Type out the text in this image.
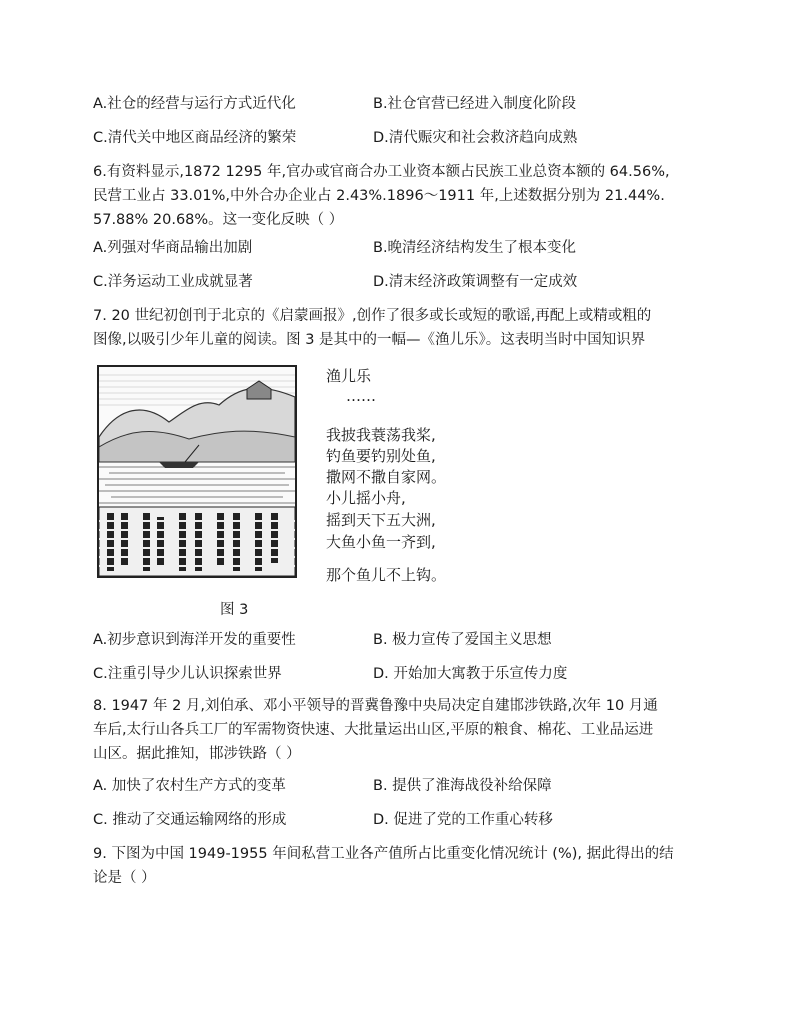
A.社仓的经营与运行方式近代化	B.社仓官营已经进入制度化阶段
C.清代关中地区商品经济的繁荣	D.清代赈灾和社会救济趋向成熟
6.有资料显示,1872 1295 年,官办或官商合办工业资本额占民族工业总资本额的 64.56%,
民营工业占 33.01%,中外合办企业占 2.43%.1896～1911 年,上述数据分别为 21.44%.
57.88% 20.68%。这一变化反映（ ）
A.列强对华商品输出加剧	B.晚清经济结构发生了根本变化
C.洋务运动工业成就显著	D.清末经济政策调整有一定成效
7. 20 世纪初创刊于北京的《启蒙画报》,创作了很多或长或短的歌谣,再配上或精或粗的
图像,以吸引少年儿童的阅读。图 3 是其中的一幅—《渔儿乐》。这表明当时中国知识界
渔儿乐
……
我披我蓑荡我桨,
钓鱼要钓别处鱼,
撒网不撒自家网。
小儿摇小舟,
摇到天下五大洲,
大鱼小鱼一齐到,
那个鱼儿不上钩。
图 3
A.初步意识到海洋开发的重要性	B. 极力宣传了爱国主义思想
C.注重引导少儿认识探索世界	D. 开始加大寓教于乐宣传力度
8. 1947 年 2 月,刘伯承、邓小平领导的晋冀鲁豫中央局决定自建邯涉铁路,次年 10 月通
车后,太行山各兵工厂的军需物资快速、大批量运出山区,平原的粮食、棉花、工业品运进
山区。据此推知，邯涉铁路（ ）
A. 加快了农村生产方式的变革	B. 提供了淮海战役补给保障
C. 推动了交通运输网络的形成	D. 促进了党的工作重心转移
9. 下图为中国 1949-1955 年间私营工业各产值所占比重变化情况统计 (%), 据此得出的结
论是（ ）
